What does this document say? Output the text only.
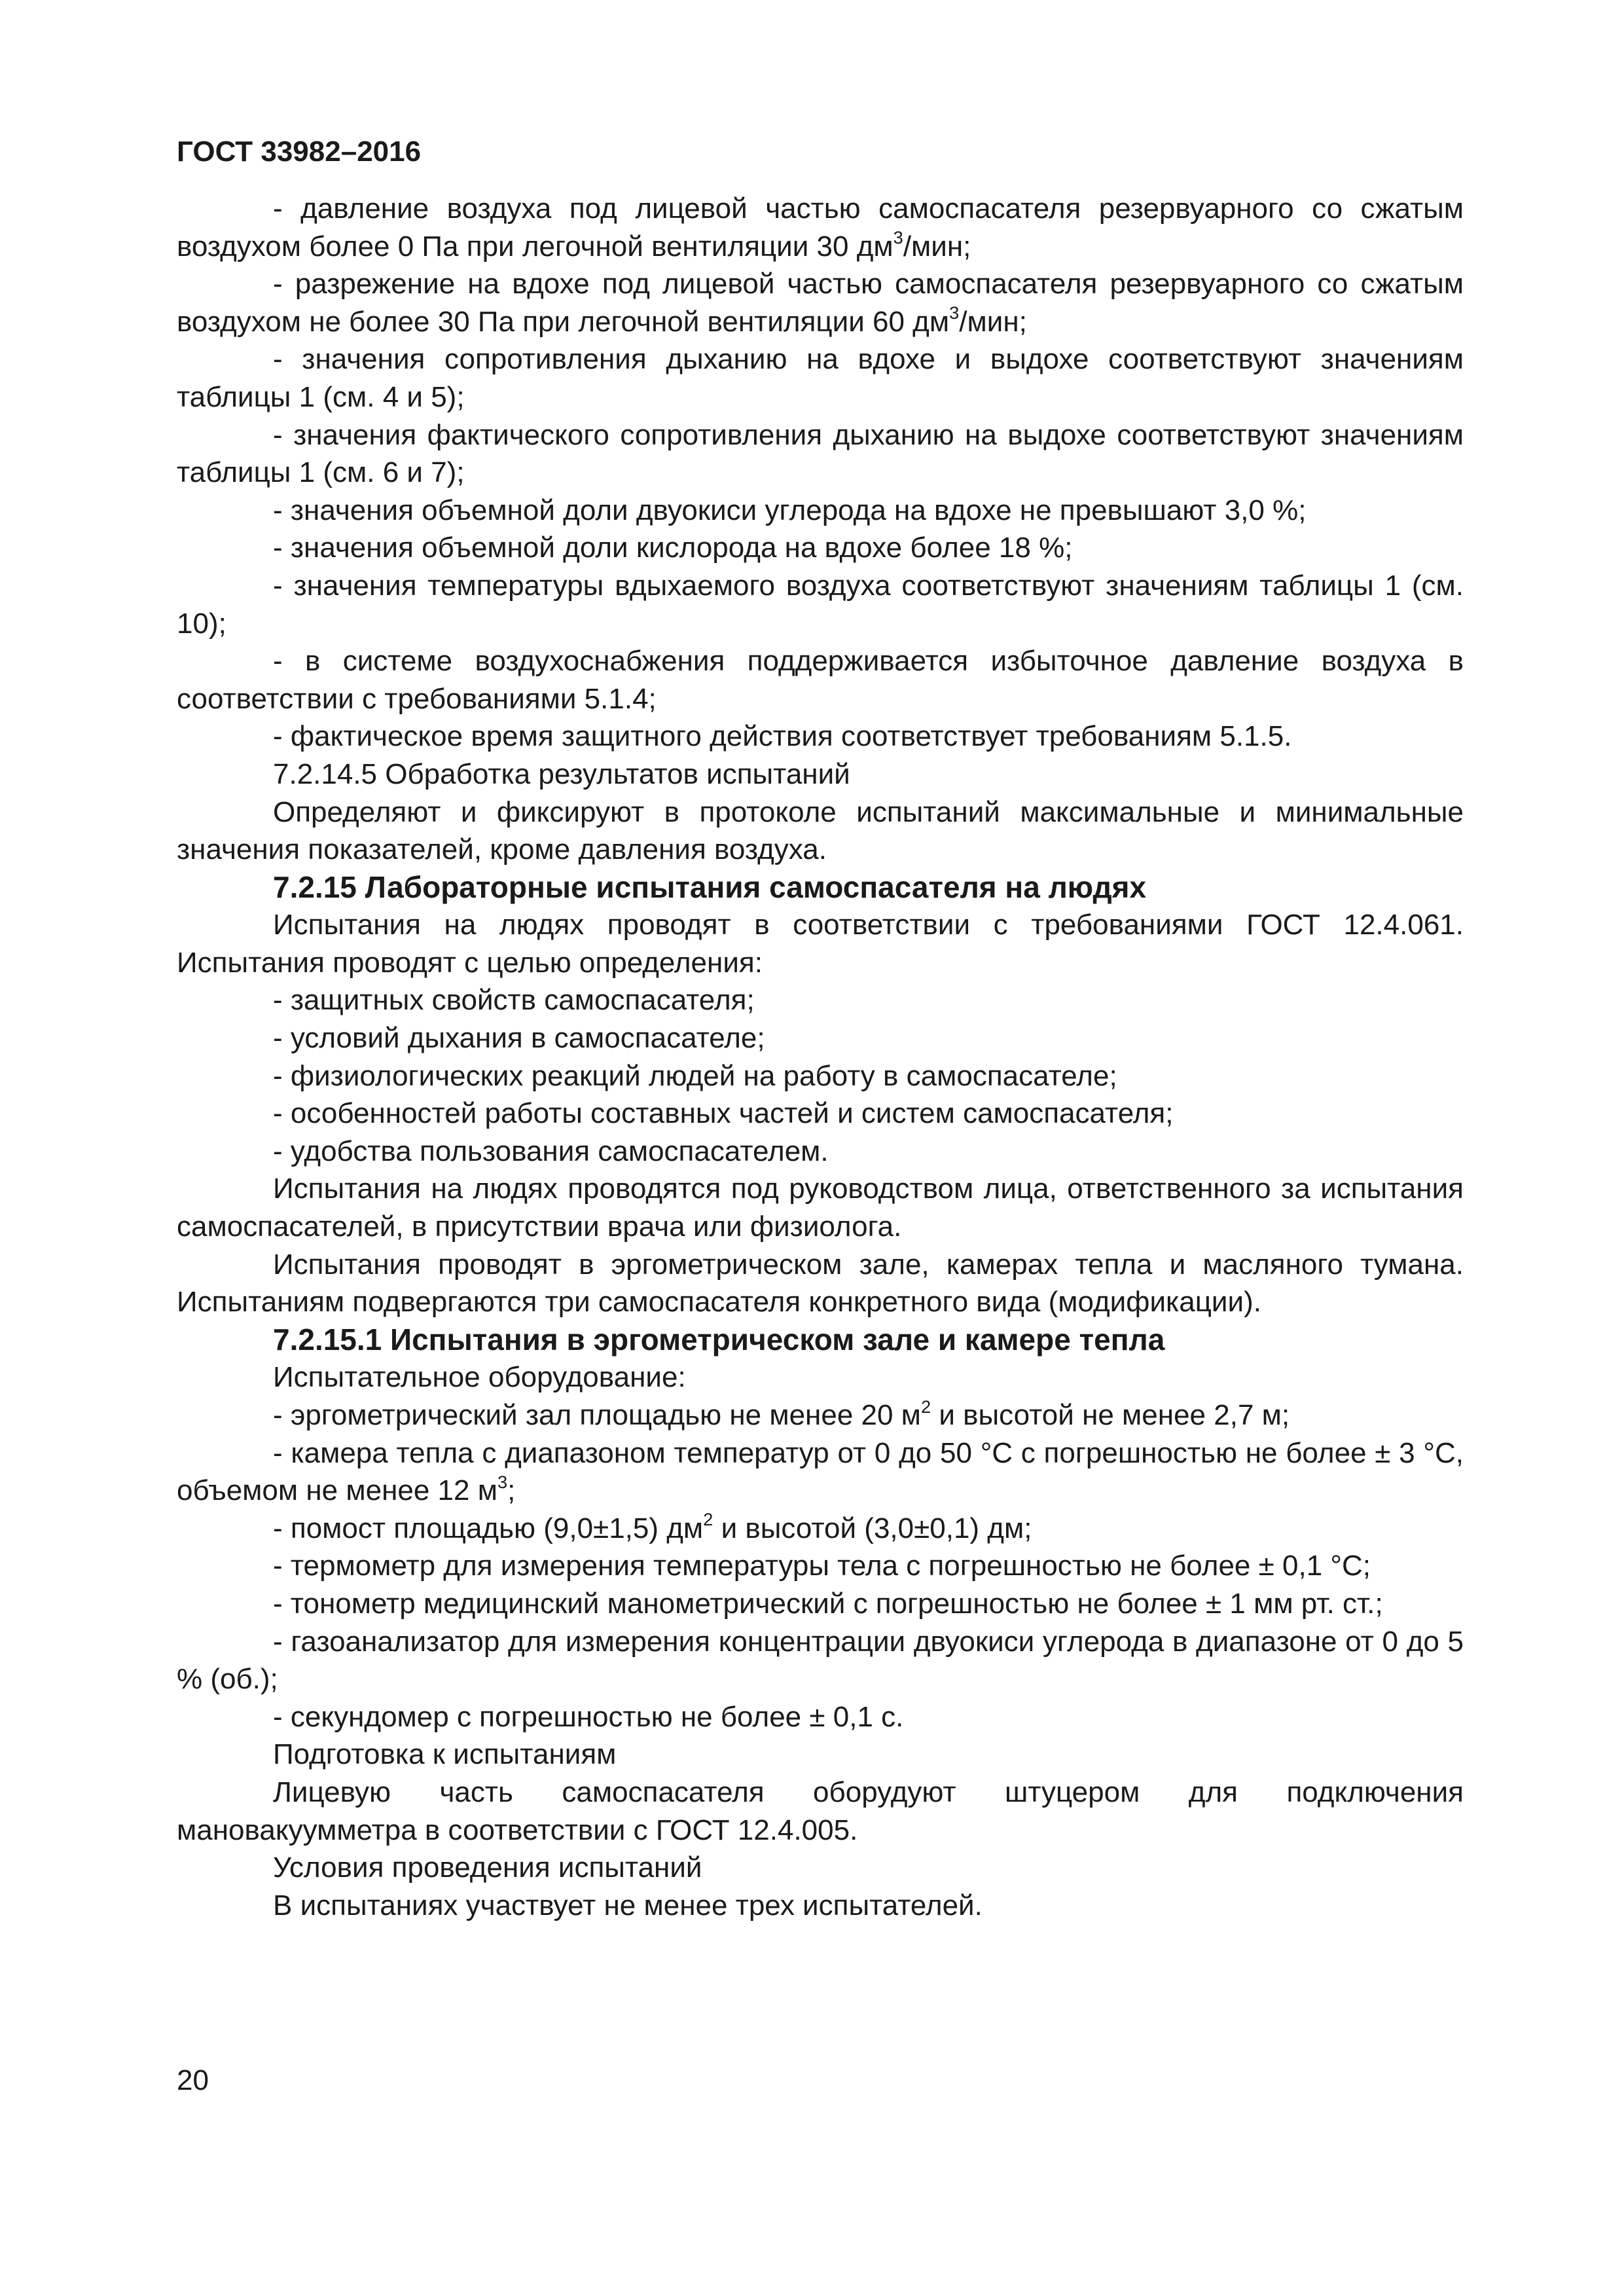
ГОСТ 33982–2016

- давление воздуха под лицевой частью самоспасателя резервуарного со сжатым воздухом более 0 Па при легочной вентиляции 30 $дм^3$/мин;

- разрежение на вдохе под лицевой частью самоспасателя резервуарного со сжатым воздухом не более 30 Па при легочной вентиляции 60 $дм^3$/мин;

- значения сопротивления дыханию на вдохе и выдохе соответствуют значениям таблицы 1 (см. 4 и 5);

- значения фактического сопротивления дыханию на выдохе соответствуют значениям таблицы 1 (см. 6 и 7);

- значения объемной доли двуокиси углерода на вдохе не превышают 3,0 %;

- значения объемной доли кислорода на вдохе более 18 %;

- значения температуры вдыхаемого воздуха соответствуют значениям таблицы 1 (см. 10);

- в системе воздухоснабжения поддерживается избыточное давление воздуха в соответствии с требованиями 5.1.4;

- фактическое время защитного действия соответствует требованиям 5.1.5.

7.2.14.5 Обработка результатов испытаний

Определяют и фиксируют в протоколе испытаний максимальные и минимальные значения показателей, кроме давления воздуха.

7.2.15 Лабораторные испытания самоспасателя на людях

Испытания на людях проводят в соответствии с требованиями ГОСТ 12.4.061. Испытания проводят с целью определения:

- защитных свойств самоспасателя;

- условий дыхания в самоспасателе;

- физиологических реакций людей на работу в самоспасателе;

- особенностей работы составных частей и систем самоспасателя;

- удобства пользования самоспасателем.

Испытания на людях проводятся под руководством лица, ответственного за испытания самоспасателей, в присутствии врача или физиолога.

Испытания проводят в эргометрическом зале, камерах тепла и масляного тумана. Испытаниям подвергаются три самоспасателя конкретного вида (модификации).

7.2.15.1 Испытания в эргометрическом зале и камере тепла

Испытательное оборудование:

- эргометрический зал площадью не менее 20 $м^2$ и высотой не менее 2,7 м;

- камера тепла с диапазоном температур от 0 до 50 °С с погрешностью не более ± 3 °С, объемом не менее 12 $м^3$;

- помост площадью (9,0±1,5) $дм^2$ и высотой (3,0±0,1) дм;

- термометр для измерения температуры тела с погрешностью не более ± 0,1 °С;

- тонометр медицинский манометрический с погрешностью не более ± 1 мм рт. ст.;

- газоанализатор для измерения концентрации двуокиси углерода в диапазоне от 0 до 5 % (об.);

- секундомер с погрешностью не более ± 0,1 с.

Подготовка к испытаниям

Лицевую часть самоспасателя оборудуют штуцером для подключения мановакуумметра в соответствии с ГОСТ 12.4.005.

Условия проведения испытаний

В испытаниях участвует не менее трех испытателей.

20
